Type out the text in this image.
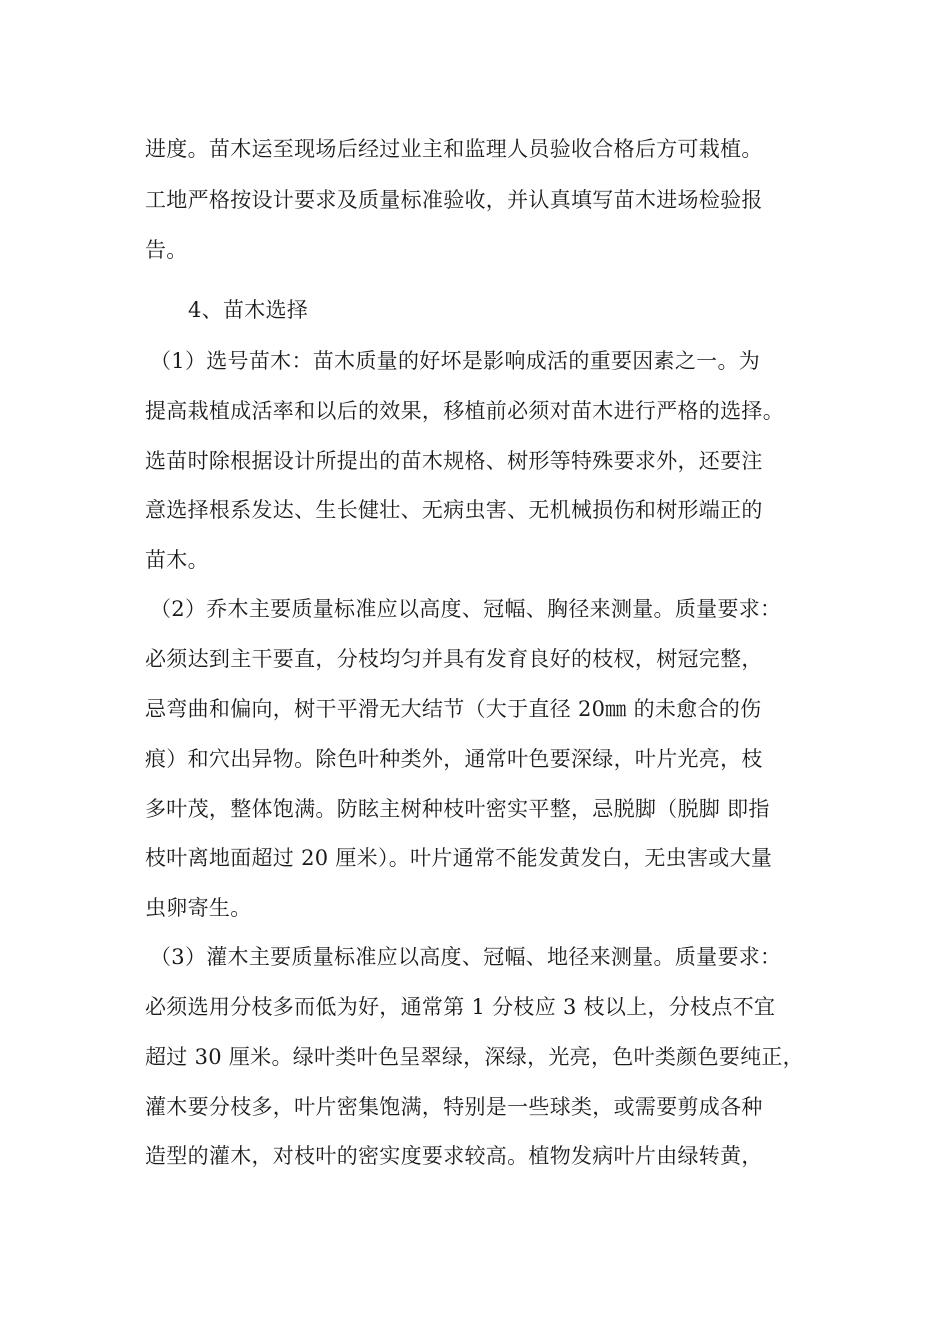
进度。苗木运至现场后经过业主和监理人员验收合格后方可栽植。
工地严格按设计要求及质量标准验收，并认真填写苗木进场检验报
告。
4、苗木选择
（1）选号苗木：苗木质量的好坏是影响成活的重要因素之一。为
提高栽植成活率和以后的效果，移植前必须对苗木进行严格的选择。
选苗时除根据设计所提出的苗木规格、树形等特殊要求外，还要注
意选择根系发达、生长健壮、无病虫害、无机械损伤和树形端正的
苗木。
（2）乔木主要质量标准应以高度、冠幅、胸径来测量。质量要求：
必须达到主干要直，分枝均匀并具有发育良好的枝杈，树冠完整，
忌弯曲和偏向，树干平滑无大结节（大于直径 20㎜ 的未愈合的伤
痕）和穴出异物。除色叶种类外，通常叶色要深绿，叶片光亮，枝
多叶茂，整体饱满。防眩主树种枝叶密实平整，忌脱脚（脱脚 即指
枝叶离地面超过 20 厘米）。叶片通常不能发黄发白，无虫害或大量
虫卵寄生。
（3）灌木主要质量标准应以高度、冠幅、地径来测量。质量要求：
必须选用分枝多而低为好，通常第 1 分枝应 3 枝以上，分枝点不宜
超过 30 厘米。绿叶类叶色呈翠绿，深绿，光亮，色叶类颜色要纯正，
灌木要分枝多，叶片密集饱满，特别是一些球类，或需要剪成各种
造型的灌木，对枝叶的密实度要求较高。植物发病叶片由绿转黄，
